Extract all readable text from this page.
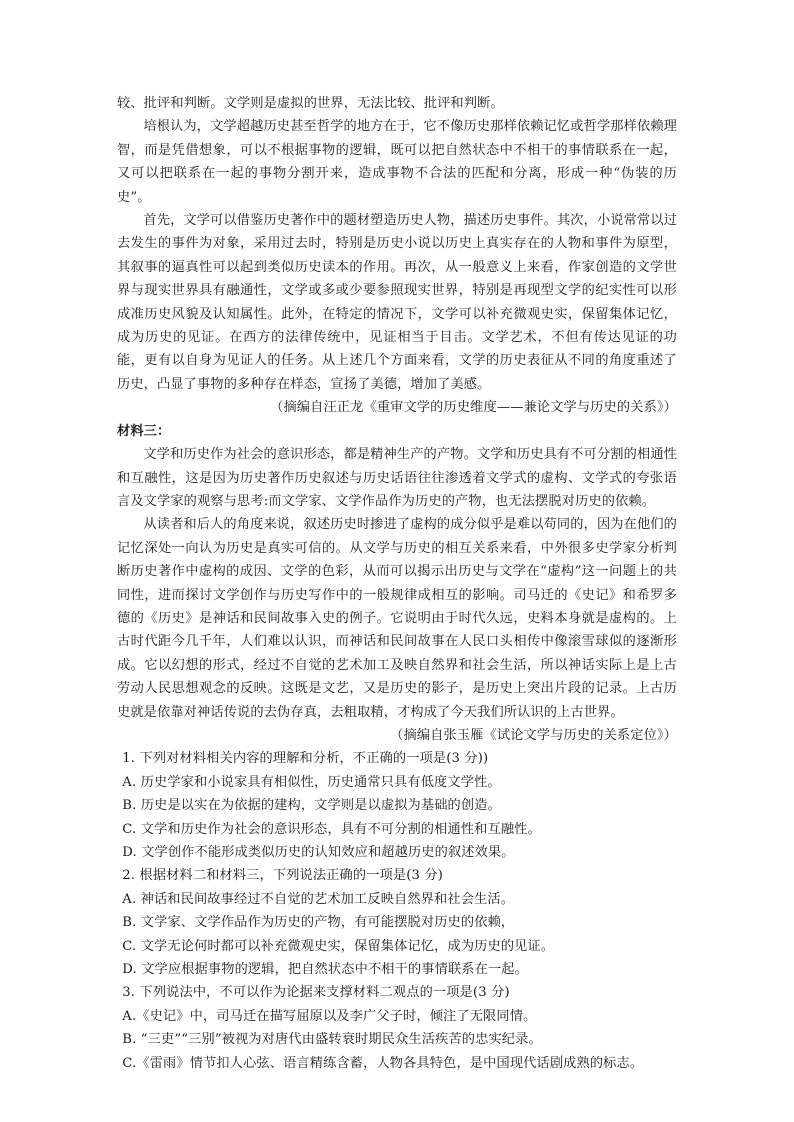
较、批评和判断。文学则是虚拟的世界，无法比较、批评和判断。

培根认为，文学超越历史甚至哲学的地方在于，它不像历史那样依赖记忆或哲学那样依赖理智，而是凭借想象，可以不根据事物的逻辑，既可以把自然状态中不相干的事情联系在一起，又可以把联系在一起的事物分割开来，造成事物不合法的匹配和分离，形成一种“伪装的历史”。

首先，文学可以借鉴历史著作中的题材塑造历史人物，描述历史事件。其次，小说常常以过去发生的事件为对象，采用过去时，特别是历史小说以历史上真实存在的人物和事件为原型，其叙事的逼真性可以起到类似历史读本的作用。再次，从一般意义上来看，作家创造的文学世界与现实世界具有融通性，文学或多或少要参照现实世界，特别是再现型文学的纪实性可以形成准历史风貌及认知属性。此外，在特定的情况下，文学可以补充微观史实，保留集体记忆，成为历史的见证。在西方的法律传统中，见证相当于目击。文学艺术，不但有传达见证的功能，更有以自身为见证人的任务。从上述几个方面来看，文学的历史表征从不同的角度重述了历史，凸显了事物的多种存在样态，宣扬了美德，增加了美感。

（摘编自汪正龙《重审文学的历史维度——兼论文学与历史的关系》）

材料三：

文学和历史作为社会的意识形态，都是精神生产的产物。文学和历史具有不可分割的相通性和互融性，这是因为历史著作历史叙述与历史话语往往渗透着文学式的虚构、文学式的夸张语言及文学家的观察与思考:而文学家、文学作品作为历史的产物，也无法摆脱对历史的依赖。

从读者和后人的角度来说，叙述历史时掺进了虚构的成分似乎是难以苟同的，因为在他们的记忆深处一向认为历史是真实可信的。从文学与历史的相互关系来看，中外很多史学家分析判断历史著作中虚构的成因、文学的色彩，从而可以揭示出历史与文学在“虚构”这一问题上的共同性，进而探讨文学创作与历史写作中的一般规律成相互的影响。司马迁的《史记》和希罗多德的《历史》是神话和民间故事入史的例子。它说明由于时代久远，史料本身就是虚构的。上古时代距今几千年，人们难以认识，而神话和民间故事在人民口头相传中像滚雪球似的逐渐形成。它以幻想的形式，经过不自觉的艺术加工及映自然界和社会生活，所以神话实际上是上古劳动人民思想观念的反映。这既是文艺，又是历史的影子，是历史上突出片段的记录。上古历史就是依靠对神话传说的去伪存真，去粗取精，才构成了今天我们所认识的上古世界。

（摘编自张玉雁《试论文学与历史的关系定位》）

1. 下列对材料相关内容的理解和分析，不正确的一项是(3 分))

A. 历史学家和小说家具有相似性，历史通常只具有低度文学性。

B. 历史是以实在为依据的建构，文学则是以虚拟为基础的创造。

C. 文学和历史作为社会的意识形态，具有不可分割的相通性和互融性。

D. 文学创作不能形成类似历史的认知效应和超越历史的叙述效果。

2. 根据材料二和材料三，下列说法正确的一项是(3 分)

A. 神话和民间故事经过不自觉的艺术加工反映自然界和社会生活。

B. 文学家、文学作品作为历史的产物，有可能摆脱对历史的依赖，

C. 文学无论何时都可以补充微观史实，保留集体记忆，成为历史的见证。

D. 文学应根据事物的逻辑，把自然状态中不相干的事情联系在一起。

3. 下列说法中，不可以作为论据来支撑材料二观点的一项是(3 分)

A.《史记》中，司马迁在描写屈原以及李广父子时，倾注了无限同情。

B. “三吏”“三别”被视为对唐代由盛转衰时期民众生活疾苦的忠实纪录。

C.《雷雨》情节扣人心弦、语言精练含蓄，人物各具特色，是中国现代话剧成熟的标志。
